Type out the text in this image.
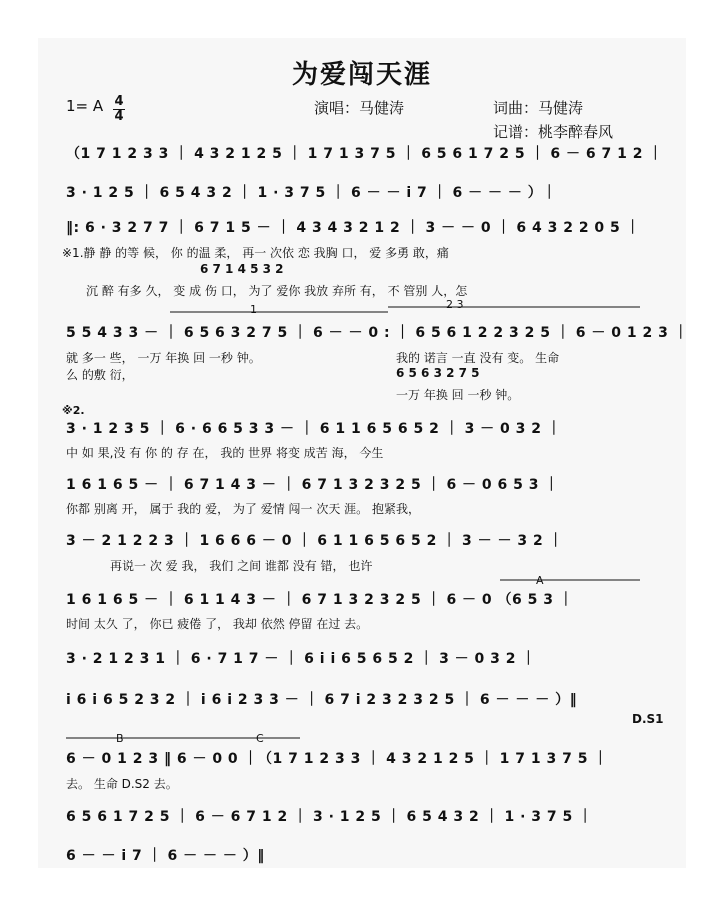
为爱闯天涯
1= A 4
4	演唱：马健涛	词曲：马健涛
记谱：桃李醉春风
（1 7 1 2 3 3 ｜ 4 3 2 1 2 5 ｜ 1 7 1 3 7 5 ｜ 6 5 6 1 7 2 5 ｜ 6 － 6 7 1 2 ｜
3 · 1 2 5 ｜ 6 5 4 3 2 ｜ 1 · 3 7 5 ｜ 6 － － i 7 ｜ 6 － － － ）｜
‖: 6 · 3 2 7 7 ｜ 6 7 1 5 － ｜ 4 3 4 3 2 1 2 ｜ 3 － － 0 ｜ 6 4 3 2 2 0 5 ｜
※1.静 静 的等 候， 你 的温 柔， 再一 次依 恋 我胸 口， 爱 多勇 敢，痛
6 7 1 4 5 3 2
沉 醉 有多 久， 变 成 伤 口， 为了 爱你 我放 弃所 有， 不 管别 人，怎
5 5 4 3 3 － ｜ 6 5 6 3 2 7 5 ｜ 6 － － 0 : ｜ 6 5 6 1 2 2 3 2 5 ｜ 6 － 0 1 2 3 ｜
就 多一 些， 一万 年换 回 一秒 钟。
么 的敷 衍，
我的 诺言 一直 没有 变。 生命
6 5 6 3 2 7 5
一万 年换 回 一秒 钟。
※2.
3 · 1 2 3 5 ｜ 6 · 6 6 5 3 3 － ｜ 6 1 1 6 5 6 5 2 ｜ 3 － 0 3 2 ｜
中 如 果,没 有 你 的 存 在， 我的 世界 将变 成苦 海， 今生
1 6 1 6 5 － ｜ 6 7 1 4 3 － ｜ 6 7 1 3 2 3 2 5 ｜ 6 － 0 6 5 3 ｜
你都 别离 开， 属于 我的 爱， 为了 爱情 闯一 次天 涯。 抱紧我，
3 － 2 1 2 2 3 ｜ 1 6 6 6 － 0 ｜ 6 1 1 6 5 6 5 2 ｜ 3 － － 3 2 ｜
再说一 次 爱 我， 我们 之间 谁都 没有 错， 也许
1 6 1 6 5 － ｜ 6 1 1 4 3 － ｜ 6 7 1 3 2 3 2 5 ｜ 6 － 0 （6 5 3 ｜
时间 太久 了， 你已 疲倦 了， 我却 依然 停留 在过 去。
3 · 2 1 2 3 1 ｜ 6 · 7 1 7 － ｜ 6 i i 6 5 6 5 2 ｜ 3 － 0 3 2 ｜
i 6 i 6 5 2 3 2 ｜ i 6 i 2 3 3 － ｜ 6 7 i 2 3 2 3 2 5 ｜ 6 － － － ）‖
D.S1
6 － 0 1 2 3 ‖ 6 － 0 0 ｜（1 7 1 2 3 3 ｜ 4 3 2 1 2 5 ｜ 1 7 1 3 7 5 ｜
去。 生命 D.S2 去。
6 5 6 1 7 2 5 ｜ 6 － 6 7 1 2 ｜ 3 · 1 2 5 ｜ 6 5 4 3 2 ｜ 1 · 3 7 5 ｜
6 － － i 7 ｜ 6 － － － ）‖
1	2 3
A
B	C
